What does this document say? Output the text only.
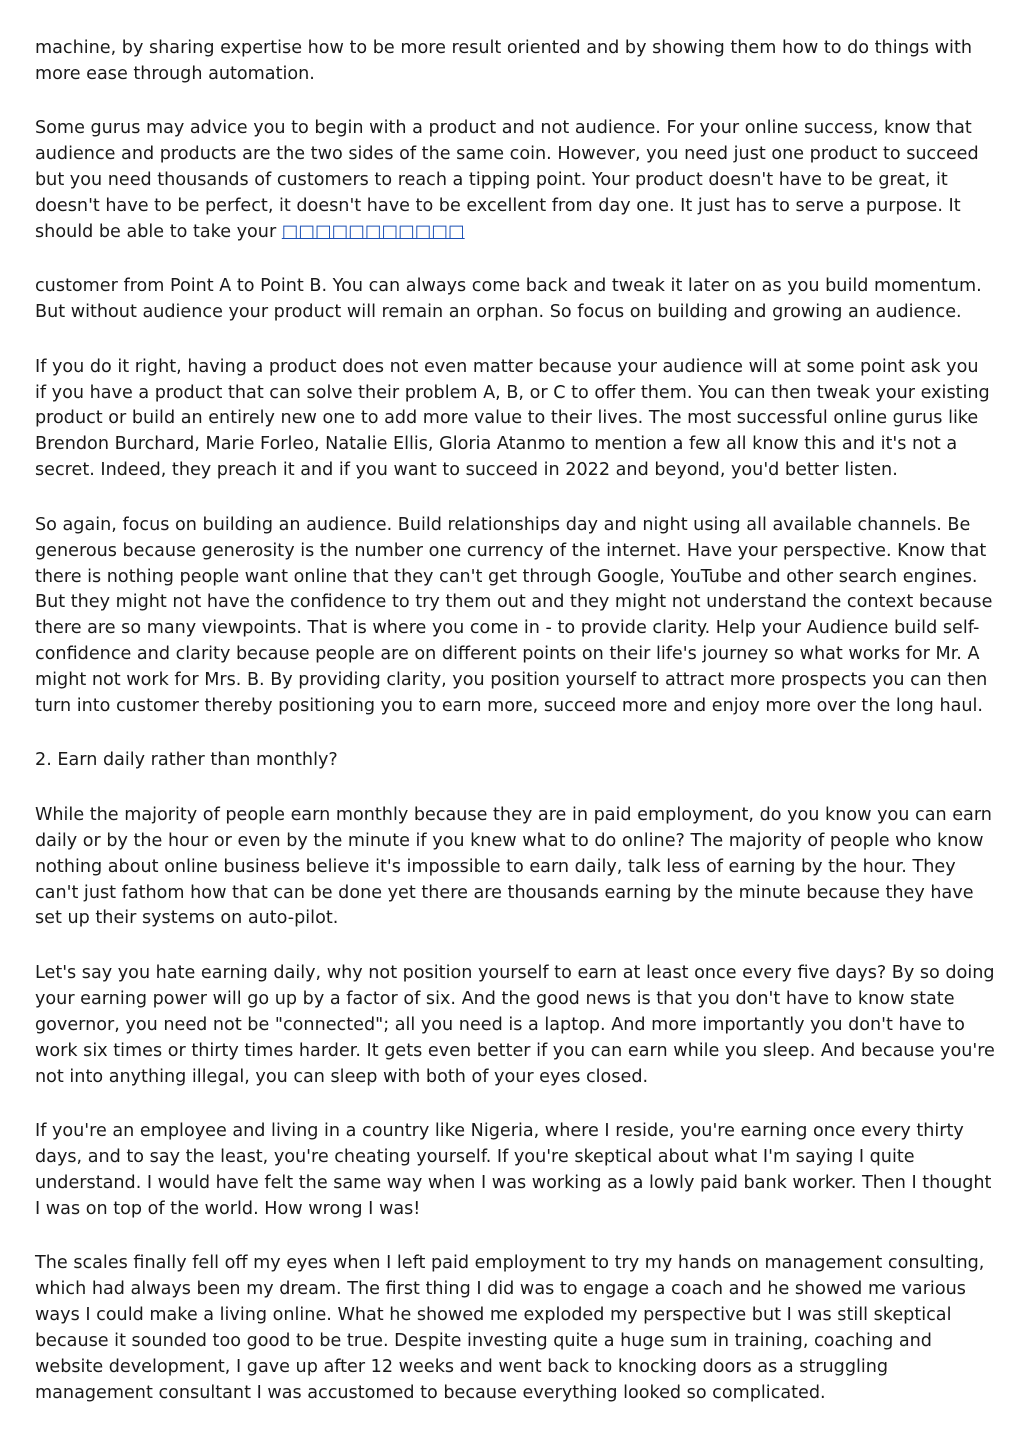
machine, by sharing expertise how to be more result oriented and by showing them how to do things with more ease through automation.

Some gurus may advice you to begin with a product and not audience. For your online success, know that audience and products are the two sides of the same coin. However, you need just one product to succeed but you need thousands of customers to reach a tipping point. Your product doesn't have to be great, it doesn't have to be perfect, it doesn't have to be excellent from day one. It just has to serve a purpose. It should be able to take your □□□□□□□□□□□

customer from Point A to Point B. You can always come back and tweak it later on as you build momentum. But without audience your product will remain an orphan. So focus on building and growing an audience.

If you do it right, having a product does not even matter because your audience will at some point ask you if you have a product that can solve their problem A, B, or C to offer them. You can then tweak your existing product or build an entirely new one to add more value to their lives. The most successful online gurus like Brendon Burchard, Marie Forleo, Natalie Ellis, Gloria Atanmo to mention a few all know this and it's not a secret. Indeed, they preach it and if you want to succeed in 2022 and beyond, you'd better listen.

So again, focus on building an audience. Build relationships day and night using all available channels. Be generous because generosity is the number one currency of the internet. Have your perspective. Know that there is nothing people want online that they can't get through Google, YouTube and other search engines. But they might not have the confidence to try them out and they might not understand the context because there are so many viewpoints. That is where you come in - to provide clarity. Help your Audience build self-confidence and clarity because people are on different points on their life's journey so what works for Mr. A might not work for Mrs. B. By providing clarity, you position yourself to attract more prospects you can then turn into customer thereby positioning you to earn more, succeed more and enjoy more over the long haul.

2. Earn daily rather than monthly?

While the majority of people earn monthly because they are in paid employment, do you know you can earn daily or by the hour or even by the minute if you knew what to do online? The majority of people who know nothing about online business believe it's impossible to earn daily, talk less of earning by the hour. They can't just fathom how that can be done yet there are thousands earning by the minute because they have set up their systems on auto-pilot.

Let's say you hate earning daily, why not position yourself to earn at least once every five days? By so doing your earning power will go up by a factor of six. And the good news is that you don't have to know state governor, you need not be "connected"; all you need is a laptop. And more importantly you don't have to work six times or thirty times harder. It gets even better if you can earn while you sleep. And because you're not into anything illegal, you can sleep with both of your eyes closed.

If you're an employee and living in a country like Nigeria, where I reside, you're earning once every thirty days, and to say the least, you're cheating yourself. If you're skeptical about what I'm saying I quite understand. I would have felt the same way when I was working as a lowly paid bank worker. Then I thought I was on top of the world. How wrong I was!

The scales finally fell off my eyes when I left paid employment to try my hands on management consulting, which had always been my dream. The first thing I did was to engage a coach and he showed me various ways I could make a living online. What he showed me exploded my perspective but I was still skeptical because it sounded too good to be true. Despite investing quite a huge sum in training, coaching and website development, I gave up after 12 weeks and went back to knocking doors as a struggling management consultant I was accustomed to because everything looked so complicated.
